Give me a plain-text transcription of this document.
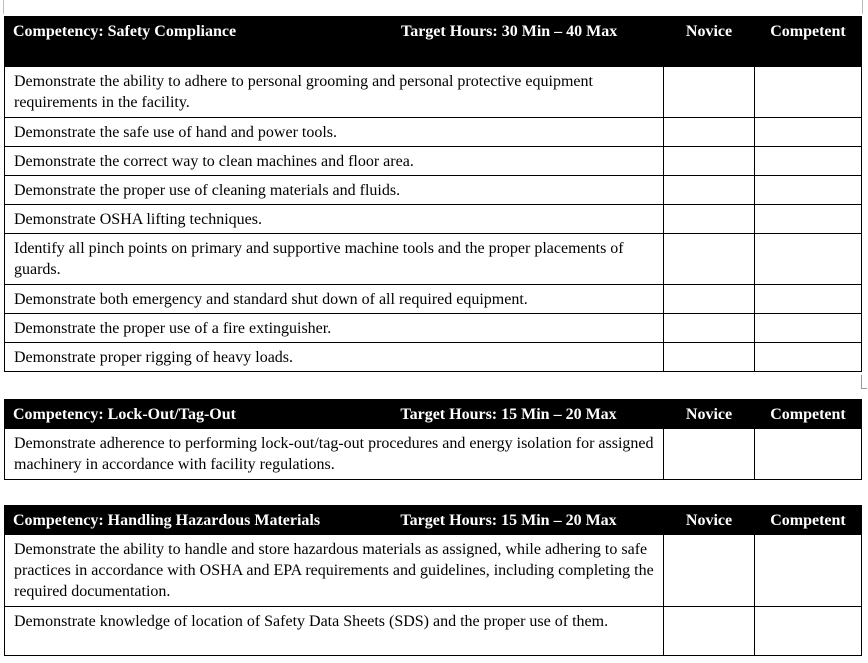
Competency: Safety Compliance Target Hours: 30 Min – 40 Max	Novice	Competent
Demonstrate the ability to adhere to personal grooming and personal protective equipment requirements in the facility.		
Demonstrate the safe use of hand and power tools.		
Demonstrate the correct way to clean machines and floor area.		
Demonstrate the proper use of cleaning materials and fluids.		
Demonstrate OSHA lifting techniques.		
Identify all pinch points on primary and supportive machine tools and the proper placements of guards.		
Demonstrate both emergency and standard shut down of all required equipment.		
Demonstrate the proper use of a fire extinguisher.		
Demonstrate proper rigging of heavy loads.		
Competency: Lock-Out/Tag-Out Target Hours: 15 Min – 20 Max	Novice	Competent
Demonstrate adherence to performing lock-out/tag-out procedures and energy isolation for assigned machinery in accordance with facility regulations.		
Competency: Handling Hazardous Materials Target Hours: 15 Min – 20 Max	Novice	Competent
Demonstrate the ability to handle and store hazardous materials as assigned, while adhering to safe practices in accordance with OSHA and EPA requirements and guidelines, including completing the required documentation.		
Demonstrate knowledge of location of Safety Data Sheets (SDS) and the proper use of them.		
